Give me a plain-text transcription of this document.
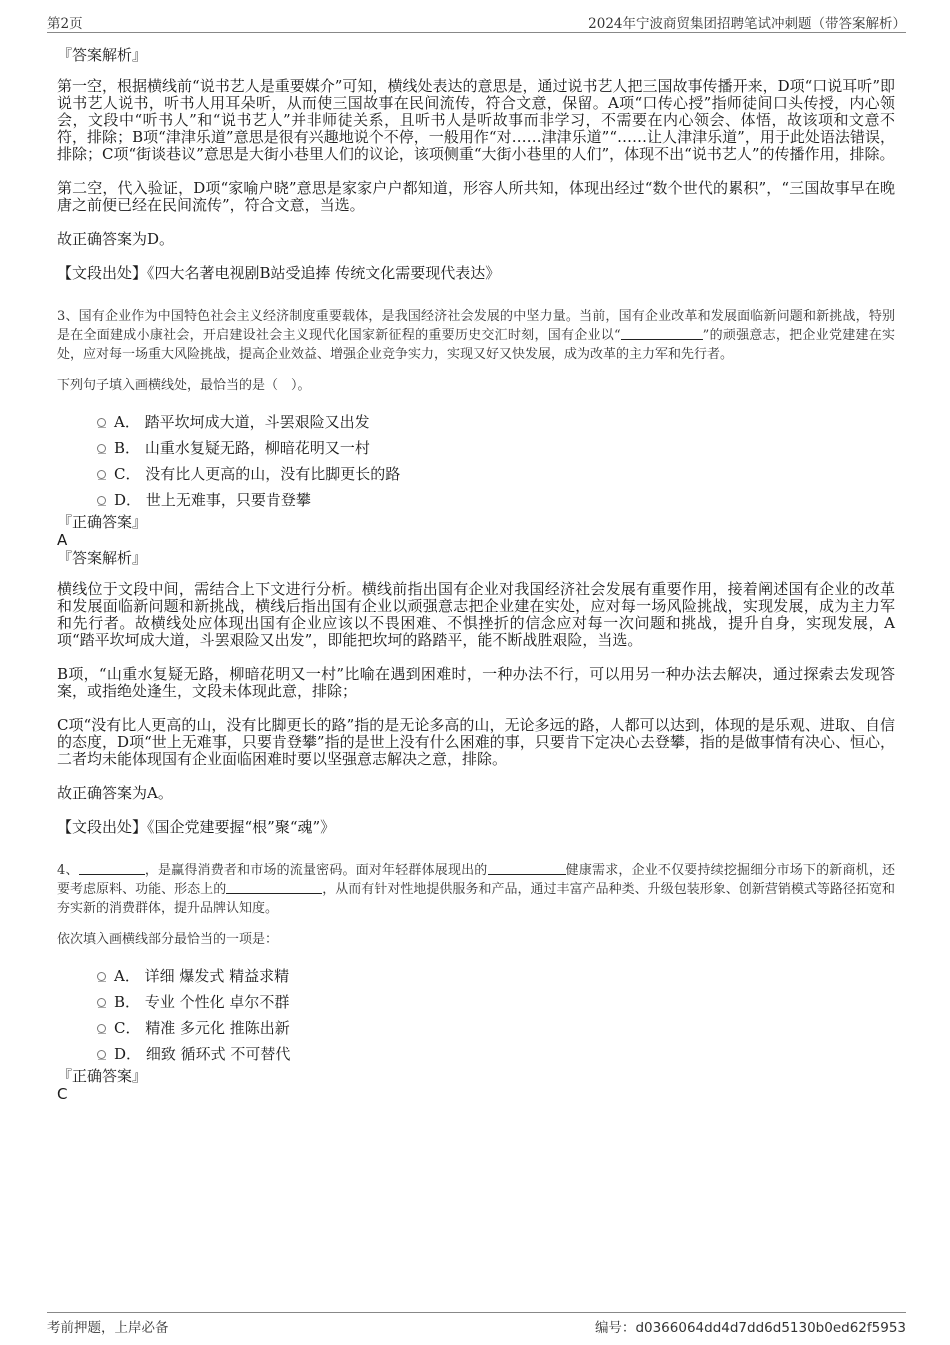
第2页	2024年宁波商贸集团招聘笔试冲刺题（带答案解析）

『答案解析』

第一空，根据横线前“说书艺人是重要媒介”可知，横线处表达的意思是，通过说书艺人把三国故事传播开来，D项“口说耳听”即说书艺人说书，听书人用耳朵听，从而使三国故事在民间流传，符合文意，保留。A项“口传心授”指师徒间口头传授，内心领会，文段中“听书人”和“说书艺人”并非师徒关系，且听书人是听故事而非学习，不需要在内心领会、体悟，故该项和文意不符，排除；B项“津津乐道”意思是很有兴趣地说个不停，一般用作“对……津津乐道”“……让人津津乐道”，用于此处语法错误，排除；C项“街谈巷议”意思是大街小巷里人们的议论，该项侧重“大街小巷里的人们”，体现不出“说书艺人”的传播作用，排除。

第二空，代入验证，D项“家喻户晓”意思是家家户户都知道，形容人所共知，体现出经过“数个世代的累积”，“三国故事早在晚唐之前便已经在民间流传”，符合文意，当选。

故正确答案为D。

【文段出处】《四大名著电视剧B站受追捧 传统文化需要现代表达》

3、国有企业作为中国特色社会主义经济制度重要载体，是我国经济社会发展的中坚力量。当前，国有企业改革和发展面临新问题和新挑战，特别是在全面建成小康社会，开启建设社会主义现代化国家新征程的重要历史交汇时刻，国有企业以“	”的顽强意志，把企业党建建在实处，应对每一场重大风险挑战，提高企业效益、增强企业竞争实力，实现又好又快发展，成为改革的主力军和先行者。

下列句子填入画横线处，最恰当的是（　）。

A． 踏平坎坷成大道，斗罢艰险又出发
B． 山重水复疑无路，柳暗花明又一村
C． 没有比人更高的山，没有比脚更长的路
D． 世上无难事，只要肯登攀

『正确答案』

A

『答案解析』

横线位于文段中间，需结合上下文进行分析。横线前指出国有企业对我国经济社会发展有重要作用，接着阐述国有企业的改革和发展面临新问题和新挑战，横线后指出国有企业以顽强意志把企业建在实处，应对每一场风险挑战，实现发展，成为主力军和先行者。故横线处应体现出国有企业应该以不畏困难、不惧挫折的信念应对每一次问题和挑战，提升自身，实现发展，A项“踏平坎坷成大道，斗罢艰险又出发”，即能把坎坷的路踏平，能不断战胜艰险，当选。

B项，“山重水复疑无路，柳暗花明又一村”比喻在遇到困难时，一种办法不行，可以用另一种办法去解决，通过探索去发现答案，或指绝处逢生，文段未体现此意，排除；

C项“没有比人更高的山，没有比脚更长的路”指的是无论多高的山，无论多远的路，人都可以达到，体现的是乐观、进取、自信的态度，D项“世上无难事，只要肯登攀”指的是世上没有什么困难的事，只要肯下定决心去登攀，指的是做事情有决心、恒心，二者均未能体现国有企业面临困难时要以坚强意志解决之意，排除。

故正确答案为A。

【文段出处】《国企党建要握“根”聚“魂”》

4、	，是赢得消费者和市场的流量密码。面对年轻群体展现出的	健康需求，企业不仅要持续挖掘细分市场下的新商机，还要考虑原料、功能、形态上的	，从而有针对性地提供服务和产品，通过丰富产品种类、升级包装形象、创新营销模式等路径拓宽和夯实新的消费群体，提升品牌认知度。

依次填入画横线部分最恰当的一项是：

A． 详细 爆发式 精益求精
B． 专业 个性化 卓尔不群
C． 精准 多元化 推陈出新
D． 细致 循环式 不可替代

『正确答案』

C

考前押题，上岸必备	编号：d0366064dd4d7dd6d5130b0ed62f5953
